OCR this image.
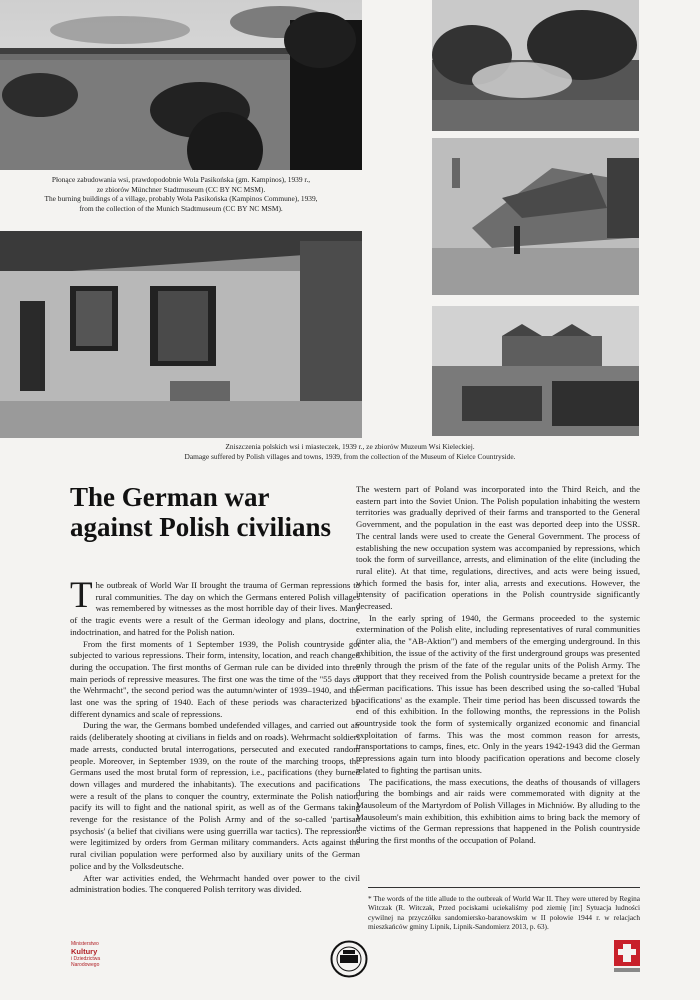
Płonące zabudowania wsi, prawdopodobnie Wola Pasikońska (gm. Kampinos), 1939 r.,
ze zbiorów Münchner Stadtmuseum (CC BY NC MSM).
The burning buildings of a village, probably Wola Pasikońska (Kampinos Commune), 1939,
from the collection of the Munich Stadtmuseum (CC BY NC MSM).
Zniszczenia polskich wsi i miasteczek, 1939 r., ze zbiorów Muzeum Wsi Kieleckiej.
Damage suffered by Polish villages and towns, 1939, from the collection of the Museum of Kielce Countryside.
The German war
against Polish civilians

The outbreak of World War II brought the trauma of German repressions to rural communities. The day on which the Germans entered Polish villages was remembered by witnesses as the most horrible day of their lives. Many of the tragic events were a result of the German ideology and plans, doctrine, indoctrination, and hatred for the Polish nation.

From the first moments of 1 September 1939, the Polish countryside got subjected to various repressions. Their form, intensity, location, and reach changed during the occupation. The first months of German rule can be divided into three main periods of repressive measures. The first one was the time of the "55 days of the Wehrmacht", the second period was the autumn/winter of 1939–1940, and the last one was the spring of 1940. Each of these periods was characterized by different dynamics and scale of repressions.

During the war, the Germans bombed undefended villages, and carried out air raids (deliberately shooting at civilians in fields and on roads). Wehrmacht soldiers made arrests, conducted brutal interrogations, persecuted and executed random people. Moreover, in September 1939, on the route of the marching troops, the Germans used the most brutal form of repression, i.e., pacifications (they burned down villages and murdered the inhabitants). The executions and pacifications were a result of the plans to conquer the country, exterminate the Polish nation, pacify its will to fight and the national spirit, as well as of the Germans taking revenge for the resistance of the Polish Army and of the so-called 'partisan psychosis' (a belief that civilians were using guerrilla war tactics). The repressions were legitimized by orders from German military commanders. Acts against the rural civilian population were performed also by auxiliary units of the German police and by the Volksdeutsche.

After war activities ended, the Wehrmacht handed over power to the civil administration bodies. The conquered Polish territory was divided.

The western part of Poland was incorporated into the Third Reich, and the eastern part into the Soviet Union. The Polish population inhabiting the western territories was gradually deprived of their farms and transported to the General Government, and the population in the east was deported deep into the USSR. The central lands were used to create the General Government. The process of establishing the new occupation system was accompanied by repressions, which took the form of surveillance, arrests, and elimination of the elite (including the rural elite). At that time, regulations, directives, and acts were being issued, which formed the basis for, inter alia, arrests and executions. However, the intensity of pacification operations in the Polish countryside significantly decreased.

In the early spring of 1940, the Germans proceeded to the systemic extermination of the Polish elite, including representatives of rural communities (inter alia, the "AB-Aktion") and members of the emerging underground. In this exhibition, the issue of the activity of the first underground groups was presented only through the prism of the fate of the regular units of the Polish Army. The support that they received from the Polish countryside became a pretext for the German pacifications. This issue has been described using the so-called 'Hubal pacifications' as the example. Their time period has been discussed towards the end of this exhibition. In the following months, the repressions in the Polish countryside took the form of systemically organized economic and financial exploitation of farms. This was the most common reason for arrests, transportations to camps, fines, etc. Only in the years 1942-1943 did the German repressions again turn into bloody pacification operations and become closely related to fighting the partisan units.

The pacifications, the mass executions, the deaths of thousands of villagers during the bombings and air raids were commemorated with dignity at the Mausoleum of the Martyrdom of Polish Villages in Michniów. By alluding to the Mausoleum's main exhibition, this exhibition aims to bring back the memory of the victims of the German repressions that happened in the Polish countryside during the first months of the occupation of Poland.

* The words of the title allude to the outbreak of World War II. They were uttered by Regina Witczak (R. Witczak, Przed pociskami uciekaliśmy pod ziemię [in:] Sytuacja ludności cywilnej na przyczółku sandomiersko-baranowskim w II połowie 1944 r. w relacjach mieszkańców gminy Lipnik, Lipnik-Sandomierz 2013, p. 63).
Ministerstwo
Kultury
i Dziedzictwa
Narodowego
